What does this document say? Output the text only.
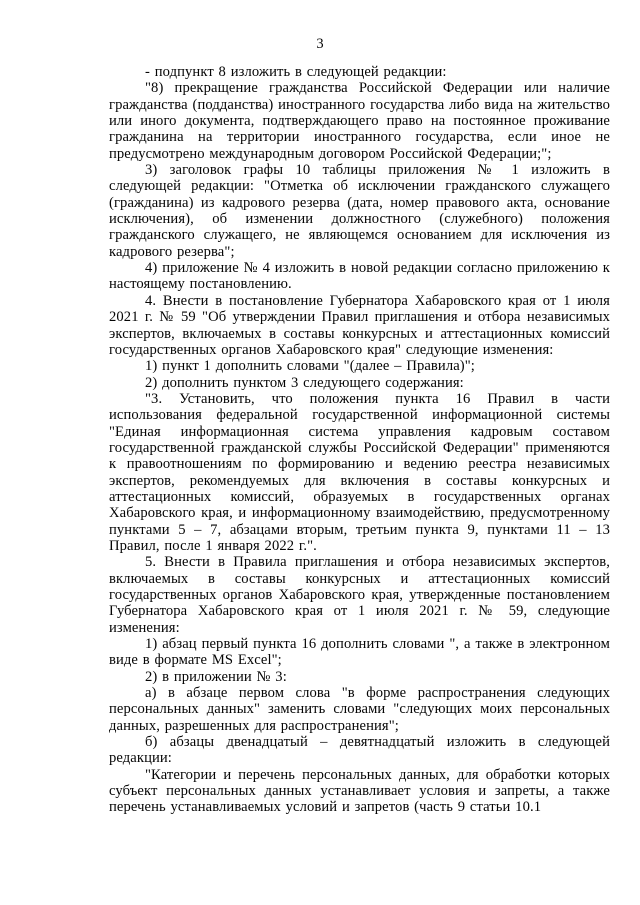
3

- подпункт 8 изложить в следующей редакции:

"8) прекращение гражданства Российской Федерации или наличие гражданства (подданства) иностранного государства либо вида на жительство или иного документа, подтверждающего право на постоянное проживание гражданина на территории иностранного государства, если иное не предусмотрено международным договором Российской Федерации;";

3) заголовок графы 10 таблицы приложения № 1 изложить в следующей редакции: "Отметка об исключении гражданского служащего (гражданина) из кадрового резерва (дата, номер правового акта, основание исключения), об изменении должностного (служебного) положения гражданского служащего, не являющемся основанием для исключения из кадрового резерва";

4) приложение № 4 изложить в новой редакции согласно приложению к настоящему постановлению.

4. Внести в постановление Губернатора Хабаровского края от 1 июля 2021 г. № 59 "Об утверждении Правил приглашения и отбора независимых экспертов, включаемых в составы конкурсных и аттестационных комиссий государственных органов Хабаровского края" следующие изменения:

1) пункт 1 дополнить словами "(далее – Правила)";

2) дополнить пунктом 3 следующего содержания:

"3. Установить, что положения пункта 16 Правил в части использования федеральной государственной информационной системы "Единая информационная система управления кадровым составом государственной гражданской службы Российской Федерации" применяются к правоотношениям по формированию и ведению реестра независимых экспертов, рекомендуемых для включения в составы конкурсных и аттестационных комиссий, образуемых в государственных органах Хабаровского края, и информационному взаимодействию, предусмотренному пунктами 5 – 7, абзацами вторым, третьим пункта 9, пунктами 11 – 13 Правил, после 1 января 2022 г.".

5. Внести в Правила приглашения и отбора независимых экспертов, включаемых в составы конкурсных и аттестационных комиссий государственных органов Хабаровского края, утвержденные постановлением Губернатора Хабаровского края от 1 июля 2021 г. № 59, следующие изменения:

1) абзац первый пункта 16 дополнить словами ", а также в электронном виде в формате MS Excel";

2) в приложении № 3:

а) в абзаце первом слова "в форме распространения следующих персональных данных" заменить словами "следующих моих персональных данных, разрешенных для распространения";

б) абзацы двенадцатый – девятнадцатый изложить в следующей редакции:

"Категории и перечень персональных данных, для обработки которых субъект персональных данных устанавливает условия и запреты, а также перечень устанавливаемых условий и запретов (часть 9 статьи 10.1
